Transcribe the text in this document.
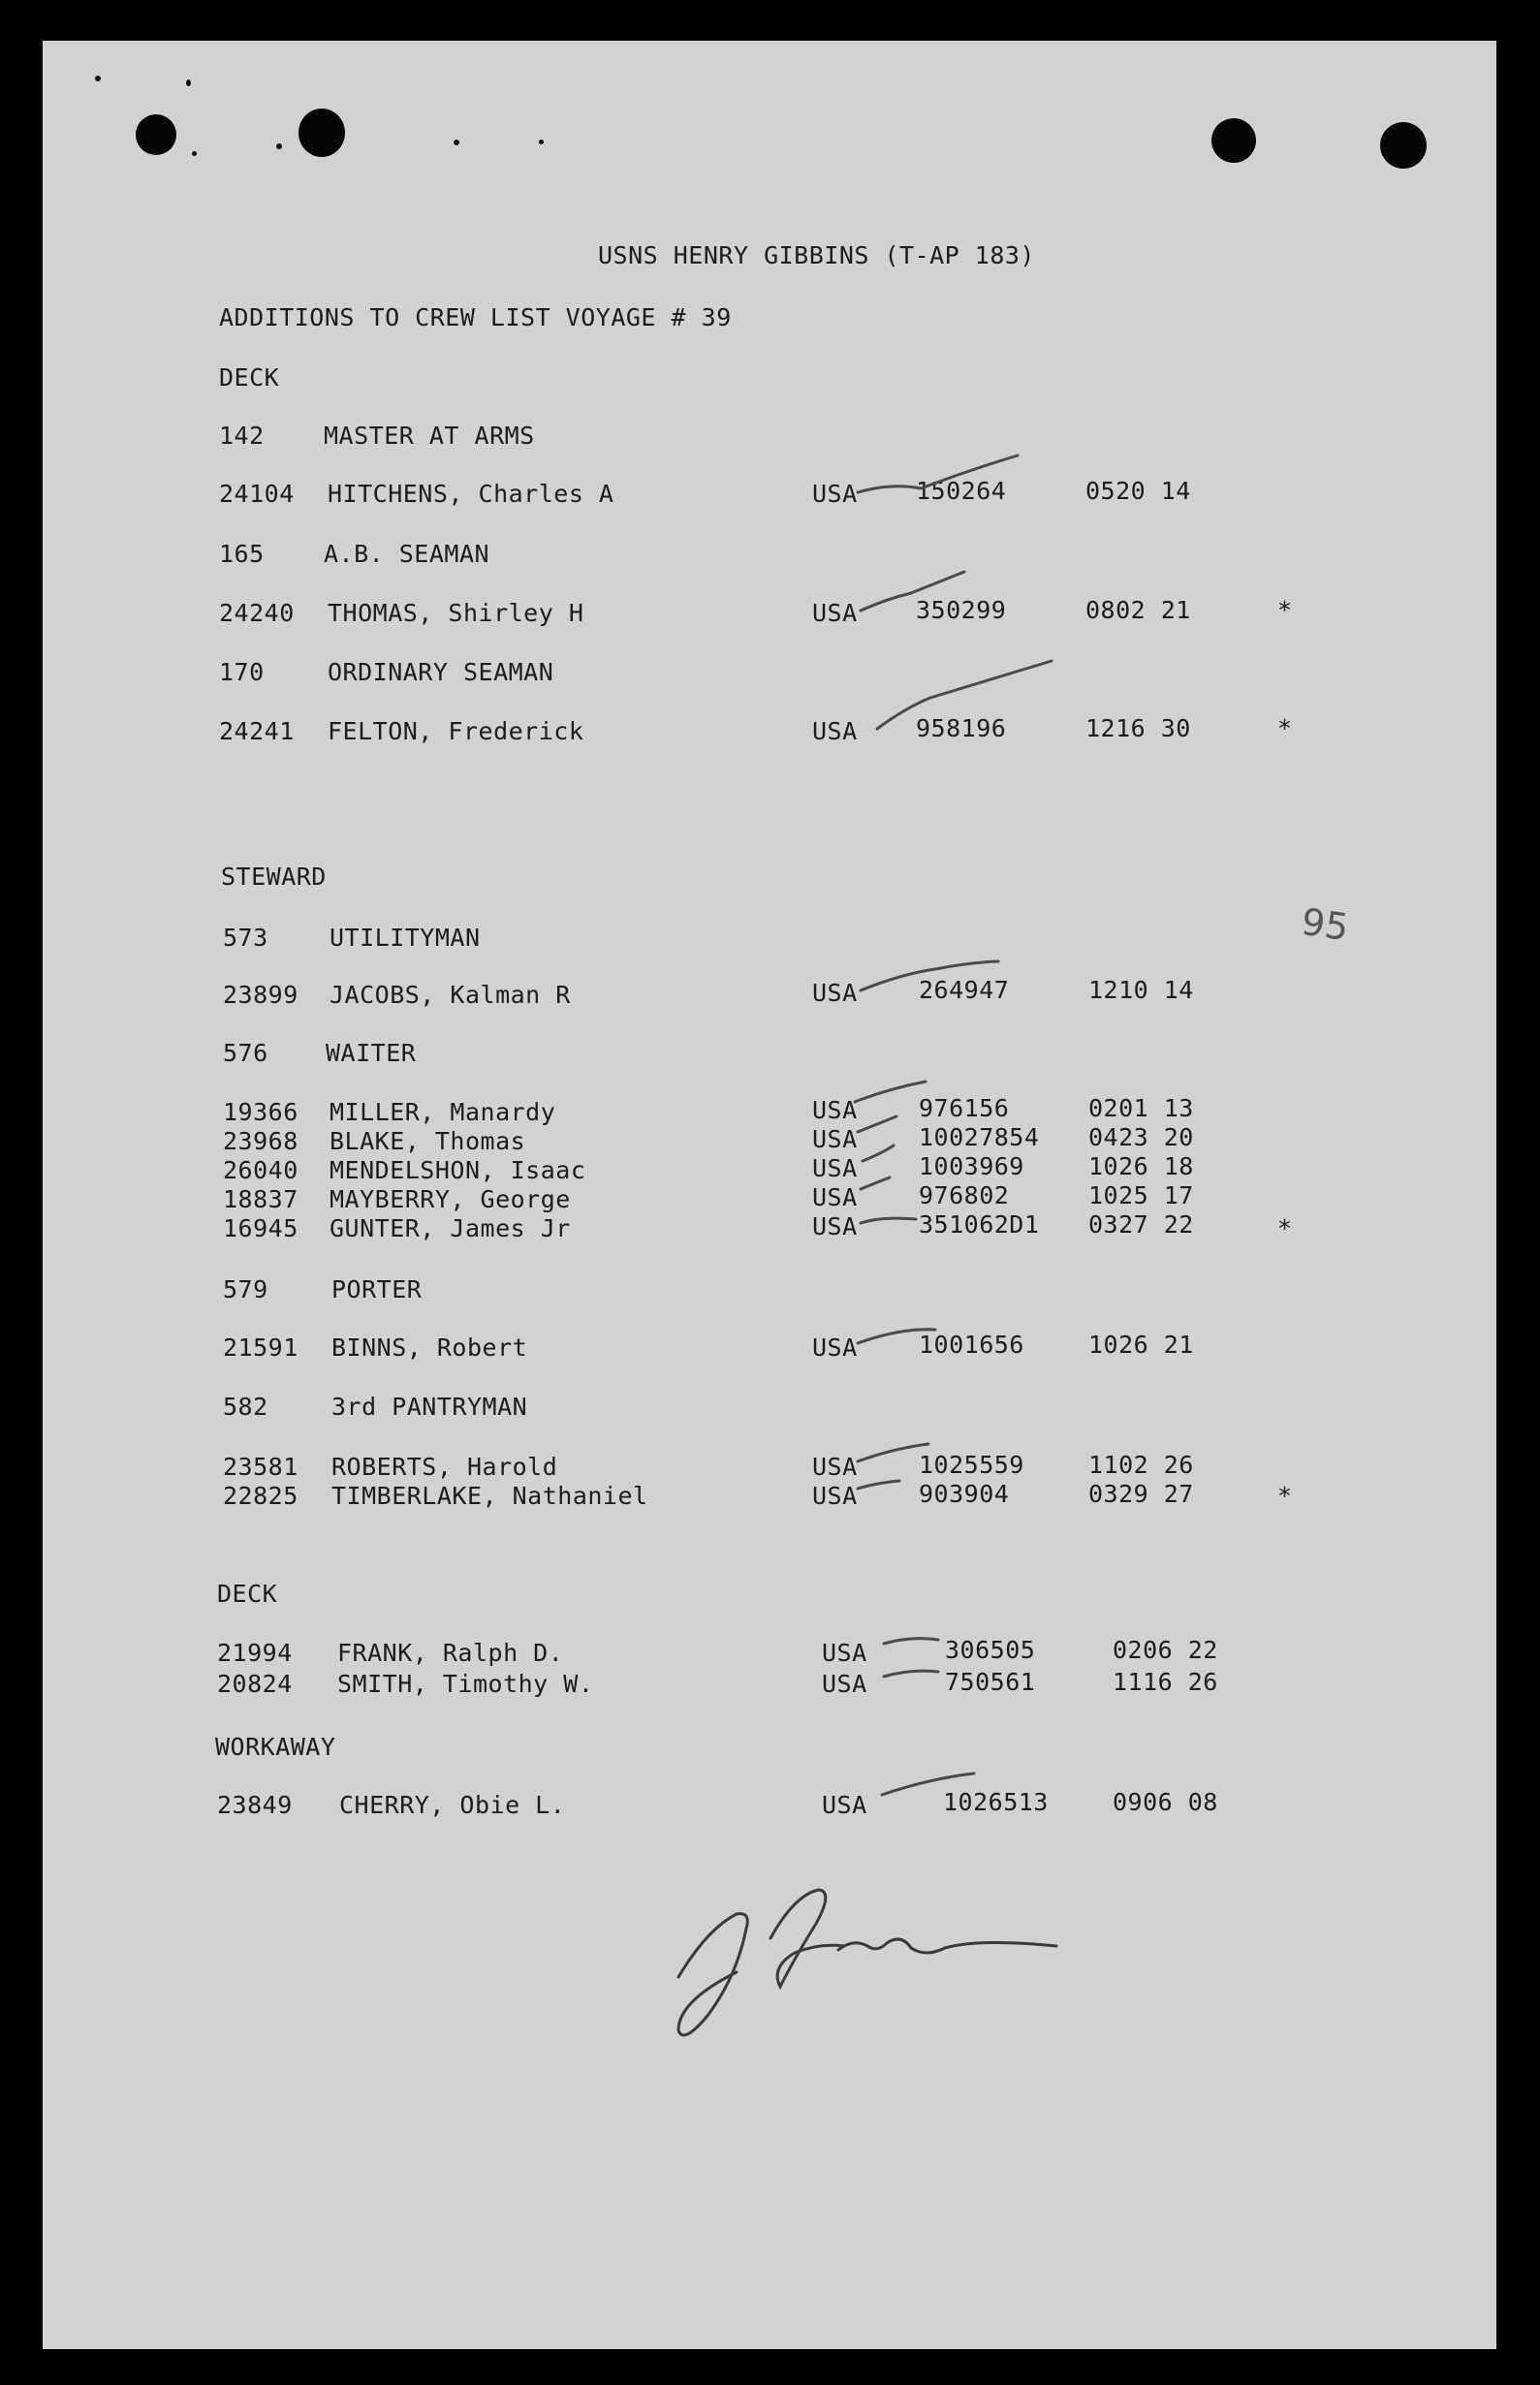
USNS HENRY GIBBINS (T-AP 183)
ADDITIONS TO CREW LIST VOYAGE # 39
95
DECK
142 MASTER AT ARMS
24104 HITCHENS, Charles A	USA 150264	0520 14
165 A.B. SEAMAN
24240 THOMAS, Shirley H	USA 350299	0802 21	*
170	ORDINARY SEAMAN
24241 FELTON, Frederick	USA 958196	1216 30	*
STEWARD
573	UTILITYMAN
23899 JACOBS, Kalman R	USA	264947	1210 14
576 WAITER
19366 MILLER, Manardy	USA	976156	0201 13
23968 BLAKE, Thomas	USA	10027854 0423 20
26040 MENDELSHON, Isaac	USA	1003969	1026 18
18837 MAYBERRY, George	USA	976802	1025 17
16945 GUNTER, James Jr	USA	351062D1 0327 22	*
579	PORTER
21591 BINNS, Robert	USA	1001656	1026 21
582	3rd PANTRYMAN
23581 ROBERTS, Harold	USA	1025559	1102 26
22825 TIMBERLAKE, Nathaniel	USA	903904	0329 27	*
DECK
21994 FRANK, Ralph D.	USA	306505	0206 22
20824 SMITH, Timothy W.	USA	750561	1116 26
WORKAWAY
23849 CHERRY, Obie L.	USA	1026513	0906 08
